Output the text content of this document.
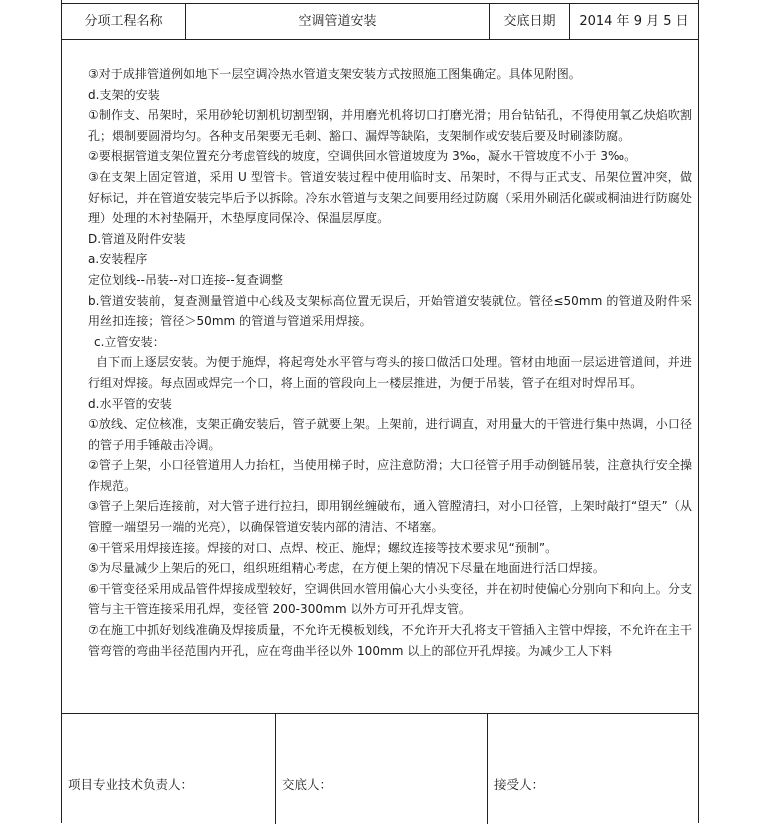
分项工程名称	空调管道安装	交底日期	2014 年 9 月 5 日

③对于成排管道例如地下一层空调冷热水管道支架安装方式按照施工图集确定。具体见附图。

d.支架的安装

①制作支、吊架时，采用砂轮切割机切割型钢，并用磨光机将切口打磨光滑；用台钻钻孔，不得使用氧乙炔焰吹割孔；煨制要圆滑均匀。各种支吊架要无毛刺、豁口、漏焊等缺陷，支架制作或安装后要及时刷漆防腐。

②要根据管道支架位置充分考虑管线的坡度，空调供回水管道坡度为 3‰，凝水干管坡度不小于 3‰。

③在支架上固定管道，采用 U 型管卡。管道安装过程中使用临时支、吊架时，不得与正式支、吊架位置冲突，做好标记，并在管道安装完毕后予以拆除。冷东水管道与支架之间要用经过防腐（采用外刷活化碳或桐油进行防腐处理）处理的木衬垫隔开，木垫厚度同保冷、保温层厚度。

D.管道及附件安装

a.安装程序

定位划线--吊装--对口连接--复查调整

b.管道安装前，复查测量管道中心线及支架标高位置无误后，开始管道安装就位。管径≤50mm 的管道及附件采用丝扣连接；管径＞50mm 的管道与管道采用焊接。

c.立管安装：

自下而上逐层安装。为便于施焊，将起弯处水平管与弯头的接口做活口处理。管材由地面一层运进管道间，并进行组对焊接。每点固或焊完一个口，将上面的管段向上一楼层推进，为便于吊装，管子在组对时焊吊耳。

d.水平管的安装

①放线、定位核准，支架正确安装后，管子就要上架。上架前，进行调直，对用量大的干管进行集中热调，小口径的管子用手锤敲击冷调。

②管子上架，小口径管道用人力抬杠，当使用梯子时，应注意防滑；大口径管子用手动倒链吊装，注意执行安全操作规范。

③管子上架后连接前，对大管子进行拉扫，即用钢丝缠破布，通入管膛清扫，对小口径管，上架时敲打“望天”（从管膛一端望另一端的光亮），以确保管道安装内部的清洁、不堵塞。

④干管采用焊接连接。焊接的对口、点焊、校正、施焊；螺纹连接等技术要求见“预制”。

⑤为尽量减少上架后的死口，组织班组精心考虑，在方便上架的情况下尽量在地面进行活口焊接。

⑥干管变径采用成品管件焊接成型较好，空调供回水管用偏心大小头变径，并在初时使偏心分别向下和向上。分支管与主干管连接采用孔焊，变径管 200-300mm 以外方可开孔焊支管。

⑦在施工中抓好划线准确及焊接质量，不允许无模板划线，不允许开大孔将支干管插入主管中焊接，不允许在主干管弯管的弯曲半径范围内开孔，应在弯曲半径以外 100mm 以上的部位开孔焊接。为减少工人下料

项目专业技术负责人：	交底人：	接受人：
